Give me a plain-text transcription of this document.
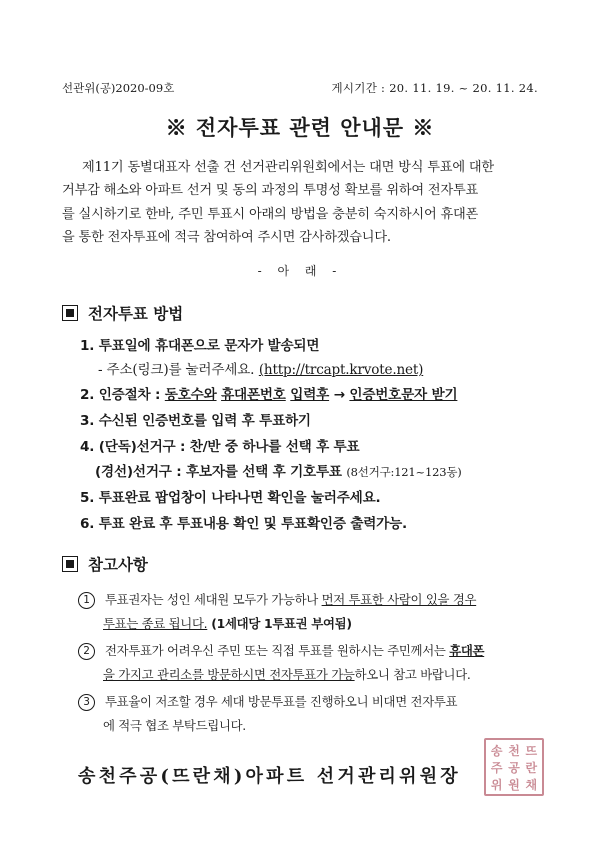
선관위(공)2020-09호	게시기간 : 20. 11. 19. ~ 20. 11. 24.
※ 전자투표 관련 안내문 ※
제11기 동별대표자 선출 건 선거관리위원회에서는 대면 방식 투표에 대한
거부감 해소와 아파트 선거 및 동의 과정의 투명성 확보를 위하여 전자투표
를 실시하기로 한바, 주민 투표시 아래의 방법을 충분히 숙지하시어 휴대폰
을 통한 전자투표에 적극 참여하여 주시면 감사하겠습니다.
- 아 래 -
전자투표 방법
1. 투표일에 휴대폰으로 문자가 발송되면
- 주소(링크)를 눌러주세요. (http://trcapt.krvote.net)
2. 인증절차 : 동호수와 휴대폰번호 입력후 → 인증번호문자 받기
3. 수신된 인증번호를 입력 후 투표하기
4. (단독)선거구 : 찬/반 중 하나를 선택 후 투표
(경선)선거구 : 후보자를 선택 후 기호투표 (8선거구:121~123동)
5. 투표완료 팝업창이 나타나면 확인을 눌러주세요.
6. 투표 완료 후 투표내용 확인 및 투표확인증 출력가능.
참고사항
1 투표권자는 성인 세대원 모두가 가능하나 먼저 투표한 사람이 있을 경우
투표는 종료 됩니다. (1세대당 1투표권 부여됨)
2 전자투표가 어려우신 주민 또는 직접 투표를 원하시는 주민께서는 휴대폰
을 가지고 관리소를 방문하시면 전자투표가 가능하오니 참고 바랍니다.
3 투표율이 저조할 경우 세대 방문투표를 진행하오니 비대면 전자투표
에 적극 협조 부탁드립니다.
송천주공(뜨란채)아파트 선거관리위원장
송 천 뜨
주 공 란
위 원 채
